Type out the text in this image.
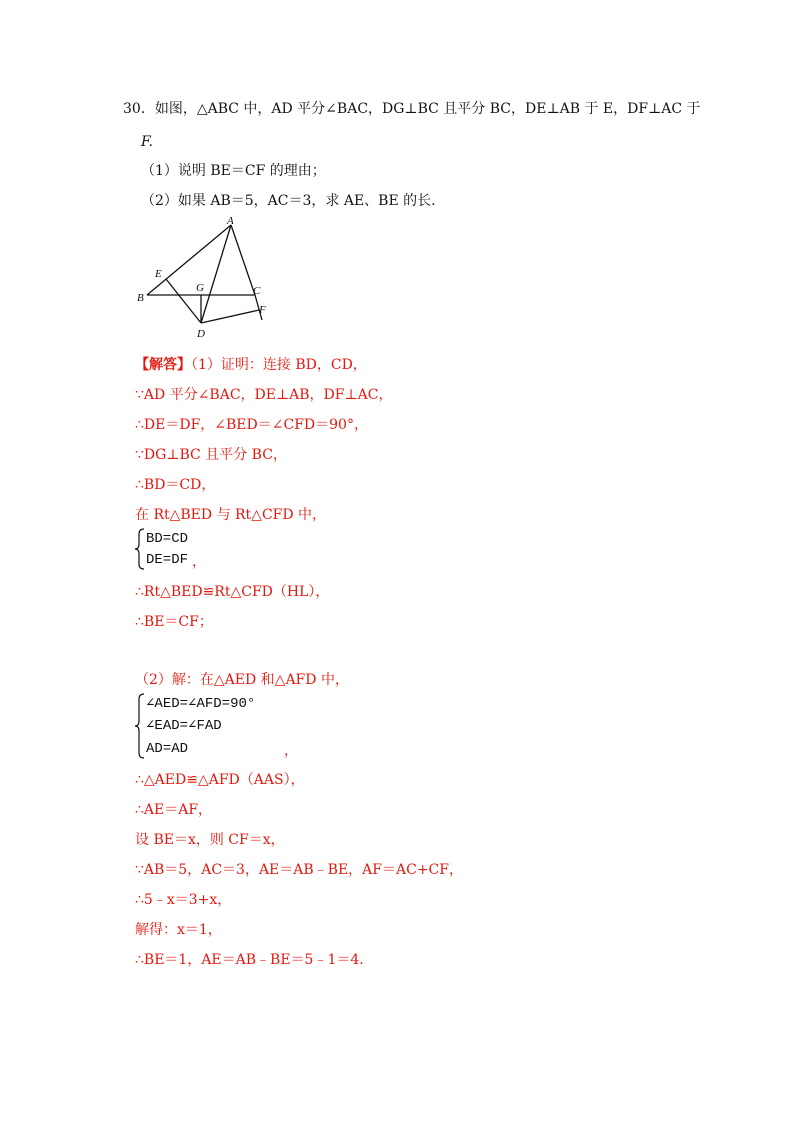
30．如图，△ABC 中，AD 平分∠BAC，DG⊥BC 且平分 BC，DE⊥AB 于 E，DF⊥AC 于
F.
（1）说明 BE＝CF 的理由；
（2）如果 AB＝5，AC＝3，求 AE、BE 的长.
A
B
C
D
E
F
G
【解答】（1）证明：连接 BD，CD，
∵AD 平分∠BAC，DE⊥AB，DF⊥AC，
∴DE＝DF，∠BED＝∠CFD＝90°，
∵DG⊥BC 且平分 BC，
∴BD＝CD，
在 Rt△BED 与 Rt△CFD 中，
BD=CD
DE=DF ，
∴Rt△BED≌Rt△CFD（HL），
∴BE＝CF；
（2）解：在△AED 和△AFD 中，
∠AED=∠AFD=90°
∠EAD=∠FAD
AD=AD	，
∴△AED≌△AFD（AAS），
∴AE＝AF，
设 BE＝x，则 CF＝x，
∵AB＝5，AC＝3，AE＝AB﹣BE，AF＝AC+CF，
∴5﹣x＝3+x，
解得：x＝1，
∴BE＝1，AE＝AB﹣BE＝5﹣1＝4.
